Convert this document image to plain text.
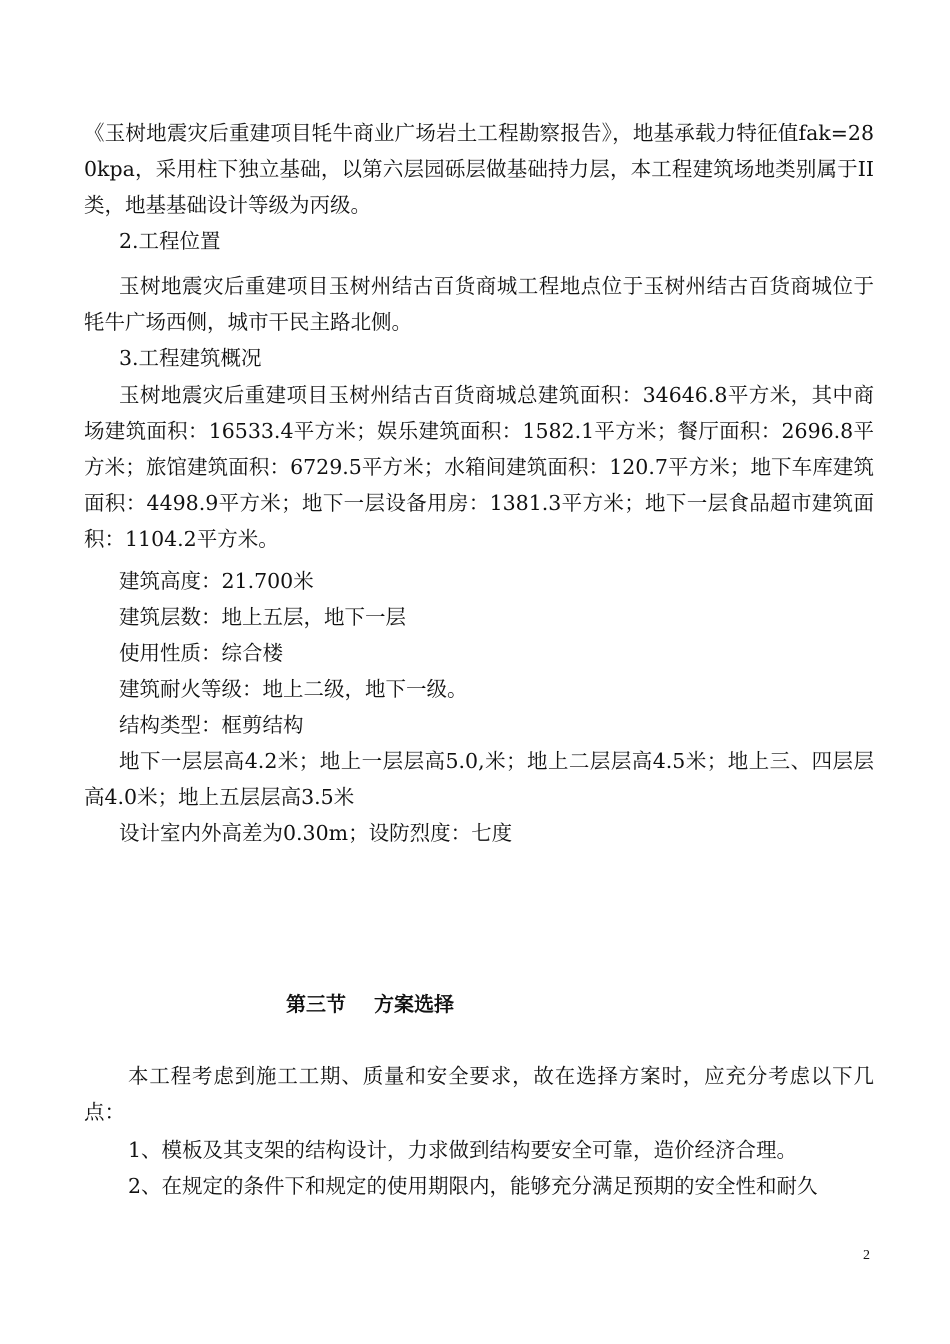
《玉树地震灾后重建项目牦牛商业广场岩土工程勘察报告》，地基承载力特征值fak=280kpa，采用柱下独立基础，以第六层园砾层做基础持力层，本工程建筑场地类别属于II类，地基基础设计等级为丙级。

2.工程位置

玉树地震灾后重建项目玉树州结古百货商城工程地点位于玉树州结古百货商城位于牦牛广场西侧，城市干民主路北侧。

3.工程建筑概况

玉树地震灾后重建项目玉树州结古百货商城总建筑面积：34646.8平方米，其中商场建筑面积：16533.4平方米；娱乐建筑面积：1582.1平方米；餐厅面积：2696.8平方米；旅馆建筑面积：6729.5平方米；水箱间建筑面积：120.7平方米；地下车库建筑面积：4498.9平方米；地下一层设备用房：1381.3平方米；地下一层食品超市建筑面积：1104.2平方米。

建筑高度：21.700米

建筑层数：地上五层，地下一层

使用性质：综合楼

建筑耐火等级：地上二级，地下一级。

结构类型：框剪结构

地下一层层高4.2米；地上一层层高5.0,米；地上二层层高4.5米；地上三、四层层高4.0米；地上五层层高3.5米

设计室内外高差为0.30m；设防烈度：七度

第三节 方案选择

本工程考虑到施工工期、质量和安全要求，故在选择方案时，应充分考虑以下几点：

1、模板及其支架的结构设计，力求做到结构要安全可靠，造价经济合理。

2、在规定的条件下和规定的使用期限内，能够充分满足预期的安全性和耐久

2
